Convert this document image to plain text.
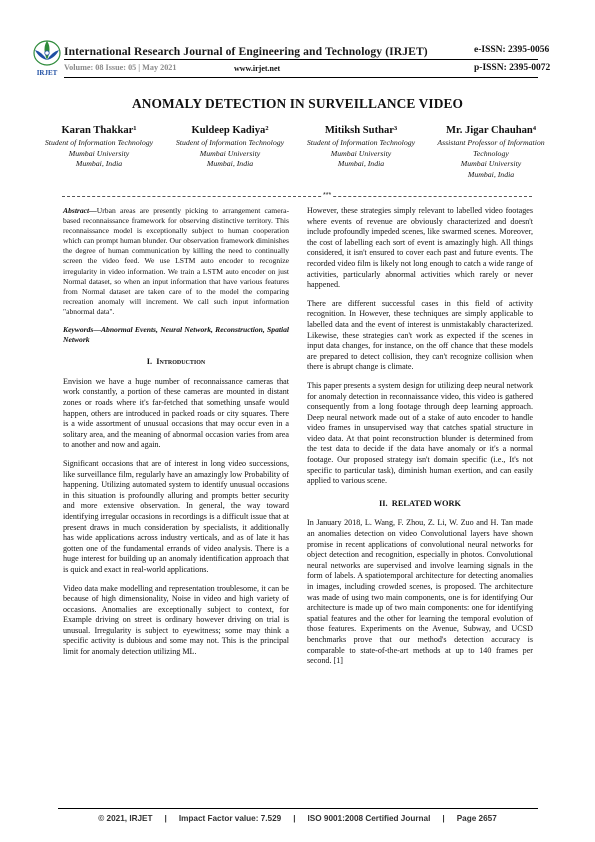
IRJET
International Research Journal of Engineering and Technology (IRJET)	e-ISSN: 2395-0056
Volume: 08 Issue: 05 | May 2021	www.irjet.net	p-ISSN: 2395-0072
ANOMALY DETECTION IN SURVEILLANCE VIDEO
Karan Thakkar¹
Student of Information Technology
Mumbai University
Mumbai, India
Kuldeep Kadiya²
Student of Information Technology
Mumbai University
Mumbai, India
Mitiksh Suthar³
Student of Information Technology
Mumbai University
Mumbai, India
Mr. Jigar Chauhan⁴
Assistant Professor of Information Technology
Mumbai University
Mumbai, India
***

Abstract—Urban areas are presently picking to arrangement camera-based reconnaissance framework for observing distinctive territory. This reconnaissance model is exceptionally subject to human cooperation which can prompt human blunder. Our observation framework diminishes the degree of human communication by killing the need to continually screen the video feed. We use LSTM auto encoder to recognize irregularity in video information. We train a LSTM auto encoder on just Normal dataset, so when an input information that have various features from Normal dataset are taken care of to the model the comparing recreation anomaly will increment. We call such input information "abnormal data".

Keywords—Abnormal Events, Neural Network, Reconstruction, Spatial Network

I. Introduction

Envision we have a huge number of reconnaissance cameras that work constantly, a portion of these cameras are mounted in distant zones or roads where it's far-fetched that something unsafe would happen, others are introduced in packed roads or city squares. There is a wide assortment of unusual occasions that may occur even in a solitary area, and the meaning of abnormal occasion varies from area to another and now and again.

Significant occasions that are of interest in long video successions, like surveillance film, regularly have an amazingly low Probability of happening. Utilizing automated system to identify unusual occasions in this situation is profoundly alluring and prompts better security and more extensive observation. In general, the way toward identifying irregular occasions in recordings is a difficult issue that at present draws in much consideration by specialists, it additionally has wide applications across industry verticals, and as of late it has gotten one of the fundamental errands of video analysis. There is a huge interest for building up an anomaly identification approach that is quick and exact in real-world applications.

Video data make modelling and representation troublesome, it can be because of high dimensionality, Noise in video and high variety of occasions. Anomalies are exceptionally subject to context, for Example driving on street is ordinary however driving on trial is unusual. Irregularity is subject to eyewitness; some may think a specific activity is dubious and some may not. This is the principal limit for anomaly detection utilizing ML.

However, these strategies simply relevant to labelled video footages where events of revenue are obviously characterized and doesn't include profoundly impeded scenes, like swarmed scenes. Moreover, the cost of labelling each sort of event is amazingly high. All things considered, it isn't ensured to cover each past and future events. The recorded video film is likely not long enough to catch a wide range of activities, particularly abnormal activities which rarely or never happened.

There are different successful cases in this field of activity recognition. In However, these techniques are simply applicable to labelled data and the event of interest is unmistakably characterized. Likewise, these strategies can't work as expected if the scenes in input data changes, for instance, on the off chance that these models are prepared to detect collision, they can't recognize collision when there is abrupt change is climate.

This paper presents a system design for utilizing deep neural network for anomaly detection in reconnaissance video, this video is gathered consequently from a long footage through deep learning approach. Deep neural network made out of a stake of auto encoder to handle video frames in unsupervised way that catches spatial structure in video data. At that point reconstruction blunder is determined from the test data to decide if the data have anomaly or it's a normal footage. Our proposed strategy isn't domain specific (i.e., It's not specific to particular task), diminish human exertion, and can easily applied to various scene.

II. RELATED WORK

In January 2018, L. Wang, F. Zhou, Z. Li, W. Zuo and H. Tan made an anomalies detection on video Convolutional layers have shown promise in recent applications of convolutional neural networks for object detection and recognition, especially in photos. Convolutional neural networks are supervised and involve learning signals in the form of labels. A spatiotemporal architecture for detecting anomalies in images, including crowded scenes, is proposed. The architecture was made of using two main components, one is for identifying Our architecture is made up of two main components: one for identifying spatial features and the other for learning the temporal evolution of those features. Experiments on the Avenue, Subway, and UCSD benchmarks prove that our method's detection accuracy is comparable to state-of-the-art methods at up to 140 frames per second. [1]

© 2021, IRJET | Impact Factor value: 7.529 | ISO 9001:2008 Certified Journal | Page 2657
